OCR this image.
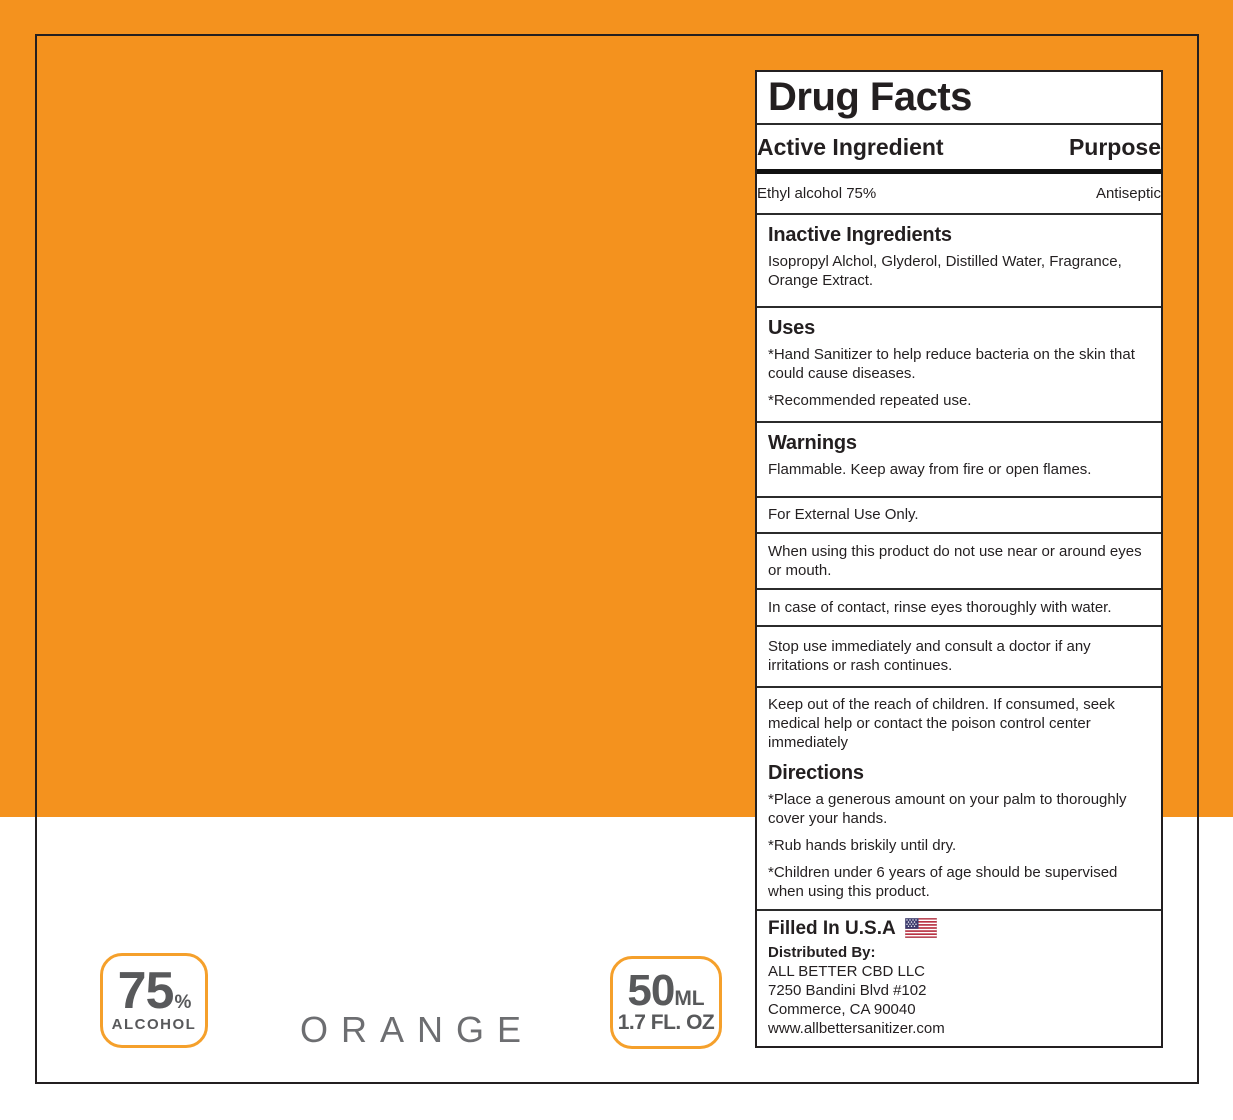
Drug Facts
Active Ingredient	Purpose
Ethyl alcohol 75%	Antiseptic
Inactive Ingredients
Isopropyl Alchol, Glyderol, Distilled Water, Fragrance, Orange Extract.
Uses
*Hand Sanitizer to help reduce bacteria on the skin that could cause diseases.
*Recommended repeated use.
Warnings
Flammable. Keep away from fire or open flames.
For External Use Only.
When using this product do not use near or around eyes or mouth.
In case of contact, rinse eyes thoroughly with water.
Stop use immediately and consult a doctor if any irritations or rash continues.
Keep out of the reach of children. If consumed, seek medical help or contact the poison control center immediately
Directions
*Place a generous amount on your palm to thoroughly cover your hands.
*Rub hands briskily until dry.
*Children under 6 years of age should be supervised when using this product.
Filled In U.S.A
Distributed By:
ALL BETTER CBD LLC
7250 Bandini Blvd #102
Commerce, CA 90040
www.allbettersanitizer.com
75 %
ALCOHOL	ORANGE
50 ML
1.7 FL. OZ
